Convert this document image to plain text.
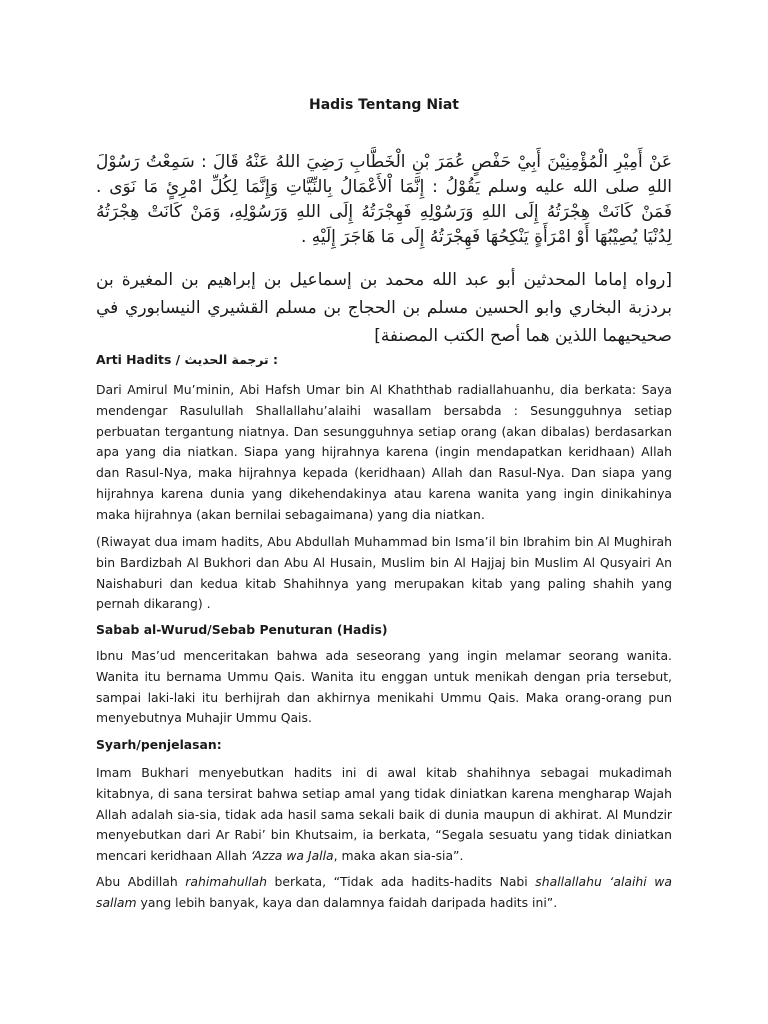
Hadis Tentang Niat

عَنْ أَمِيْرِ الْمُؤْمِنِيْنَ أَبِيْ حَفْصٍ عُمَرَ بْنِ الْخَطَّابِ رَضِيَ اللهُ عَنْهُ قَالَ : سَمِعْتُ رَسُوْلَ اللهِ صلى الله عليه وسلم يَقُوْلُ : إِنَّمَا اْلأَعْمَالُ بِالنِّيَّاتِ وَإِنَّمَا لِكُلِّ امْرِئٍ مَا نَوَى . فَمَنْ كَانَتْ هِجْرَتُهُ إِلَى اللهِ وَرَسُوْلِهِ فَهِجْرَتُهُ إِلَى اللهِ وَرَسُوْلِهِ، وَمَنْ كَانَتْ هِجْرَتُهُ لِدُنْيَا يُصِيْبُهَا أَوْ امْرَأَةٍ يَنْكِحُهَا فَهِجْرَتُهُ إِلَى مَا هَاجَرَ إِلَيْهِ .

[رواه إماما المحدثين أبو عبد الله محمد بن إسماعيل بن إبراهيم بن المغيرة بن بردزبة البخاري وابو الحسين مسلم بن الحجاج بن مسلم القشيري النيسابوري في صحيحيهما اللذين هما أصح الكتب المصنفة]

Arti Hadits / ترجمة الحديث :

Dari Amirul Mu’minin, Abi Hafsh Umar bin Al Khaththab radiallahuanhu, dia berkata: Saya mendengar Rasulullah Shallallahu’alaihi wasallam bersabda : Sesungguhnya setiap perbuatan tergantung niatnya. Dan sesungguhnya setiap orang (akan dibalas) berdasarkan apa yang dia niatkan. Siapa yang hijrahnya karena (ingin mendapatkan keridhaan) Allah dan Rasul-Nya, maka hijrahnya kepada (keridhaan) Allah dan Rasul-Nya. Dan siapa yang hijrahnya karena dunia yang dikehendakinya atau karena wanita yang ingin dinikahinya maka hijrahnya (akan bernilai sebagaimana) yang dia niatkan.

(Riwayat dua imam hadits, Abu Abdullah Muhammad bin Isma’il bin Ibrahim bin Al Mughirah bin Bardizbah Al Bukhori dan Abu Al Husain, Muslim bin Al Hajjaj bin Muslim Al Qusyairi An Naishaburi dan kedua kitab Shahihnya yang merupakan kitab yang paling shahih yang pernah dikarang) .

Sabab al-Wurud/Sebab Penuturan (Hadis)

Ibnu Mas’ud menceritakan bahwa ada seseorang yang ingin melamar seorang wanita. Wanita itu bernama Ummu Qais. Wanita itu enggan untuk menikah dengan pria tersebut, sampai laki-laki itu berhijrah dan akhirnya menikahi Ummu Qais. Maka orang-orang pun menyebutnya Muhajir Ummu Qais.

Syarh/penjelasan:

Imam Bukhari menyebutkan hadits ini di awal kitab shahihnya sebagai mukadimah kitabnya, di sana tersirat bahwa setiap amal yang tidak diniatkan karena mengharap Wajah Allah adalah sia-sia, tidak ada hasil sama sekali baik di dunia maupun di akhirat. Al Mundzir menyebutkan dari Ar Rabi’ bin Khutsaim, ia berkata, “Segala sesuatu yang tidak diniatkan mencari keridhaan Allah ‘Azza wa Jalla, maka akan sia-sia”.

Abu Abdillah rahimahullah berkata, “Tidak ada hadits-hadits Nabi shallallahu ‘alaihi wa sallam yang lebih banyak, kaya dan dalamnya faidah daripada hadits ini”.
